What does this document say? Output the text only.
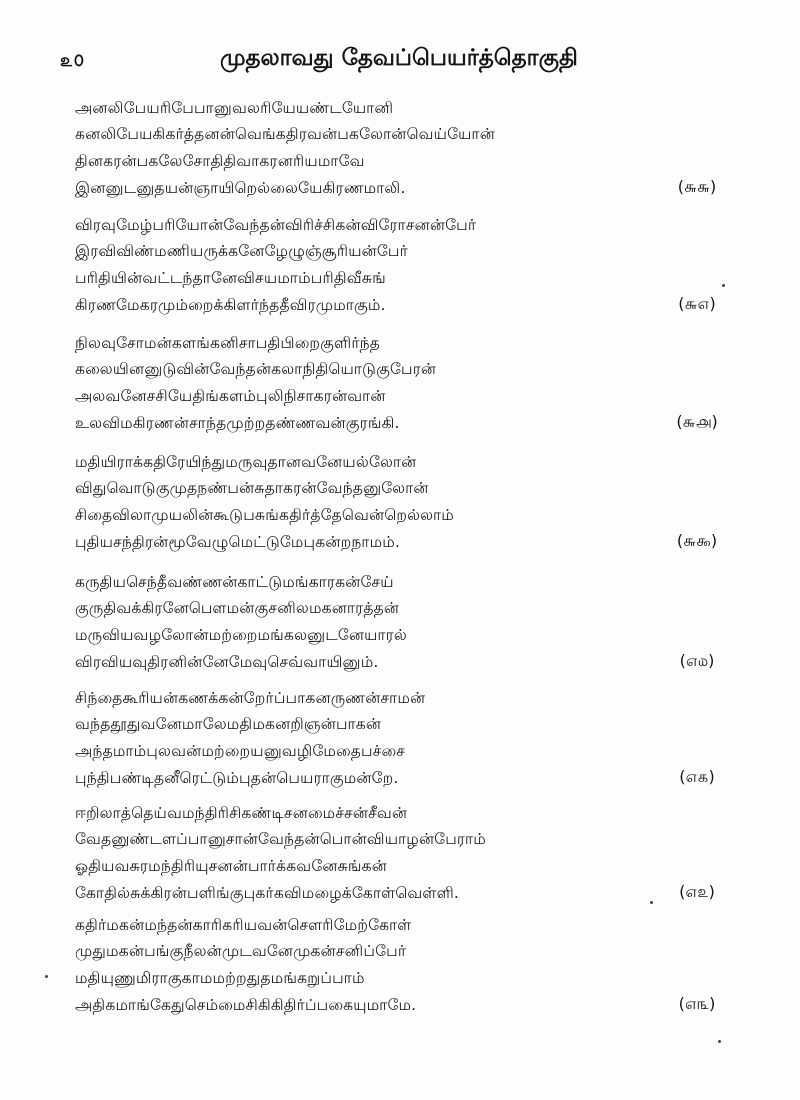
௨௦	முதலாவது தேவப்பெயர்த்தொகுதி
அனலிபேயரிபேபானுவலரியேயண்டயோனி
கனலிபேயகிகர்த்தனன்வெங்கதிரவன்பகலோன்வெய்யோன்
தினகரன்பகலேசோதிதிவாகரனரியமாவே
இனனுடனுதயன்ஞாயிறெல்லையேகிரணமாலி.	(௬௬)
விரவுமேழ்பரியோன்வேந்தன்விரிச்சிகன்விரோசனன்பேர்
இரவிவிண்மணியருக்கனேழேழுஞ்சூரியன்பேர்
பரிதியின்வட்டந்தானேவிசயமாம்பரிதிவீசுங்
கிரணமேகரமும்றைக்கிளர்ந்ததீவிரமுமாகும்.	(௬௭)
நிலவுசோமன்களங்கனிசாபதிபிறைகுளிர்ந்த
கலையினனுடுவின்வேந்தன்கலாநிதியொடுகுபேரன்
அலவனேசசியேதிங்களம்புலிநிசாகரன்வான்
உலவிமகிரணன்சாந்தமுற்றதண்ணவன்குரங்கி.	(௬௮)
மதியிராக்கதிரேயிந்துமருவுதானவனேயல்லோன்
விதுவொடுகுமுதநண்பன்சுதாகரன்வேந்தனுலோன்
சிதைவிலாமுயலின்கூடுபசுங்கதிர்த்தேவென்றெல்லாம்
புதியசந்திரன்மூவேழுமெட்டுமேபுகன்றநாமம்.	(௬௯)
கருதியசெந்தீவண்ணன்காட்டுமங்காரகன்சேய்
குருதிவக்கிரனேபௌமன்குசனிலமகனாரத்தன்
மருவியவழலோன்மற்றைமங்கலனுடனேயாரல்
விரவியவுதிரனின்னேமேவுசெவ்வாயினும்.	(௭௰)
சிந்தைகூரியன்கணக்கன்றேர்ப்பாகனருணன்சாமன்
வந்ததூதுவனேமாலேமதிமகனறிஞன்பாகன்
அந்தமாம்புலவன்மற்றையனுவழிமேதைபச்சை
புந்திபண்டிதனீரெட்டும்புதன்பெயராகுமன்றே.	(௭௧)
ஈறிலாத்தெய்வமந்திரிசிகண்டிசனமைச்சன்சீவன்
வேதனுண்டளப்பானுசான்வேந்தன்பொன்வியாழன்பேராம்
ஓதியவசுரமந்திரியுசனன்பார்க்கவனேசுங்கன்
கோதில்சுக்கிரன்பளிங்குபுகர்கவிமழைக்கோள்வெள்ளி.	(௭௨)
கதிர்மகன்மந்தன்காரிகரியவன்சௌரிமேற்கோள்
முதுமகன்பங்குநீலன்முடவனேமுகன்சனிப்பேர்
மதியுணுமிராகுகாமமற்றதுதமங்கறுப்பாம்
அதிகமாங்கேதுசெம்மைசிகிகிதிர்ப்பகையுமாமே.	(௭௩)
